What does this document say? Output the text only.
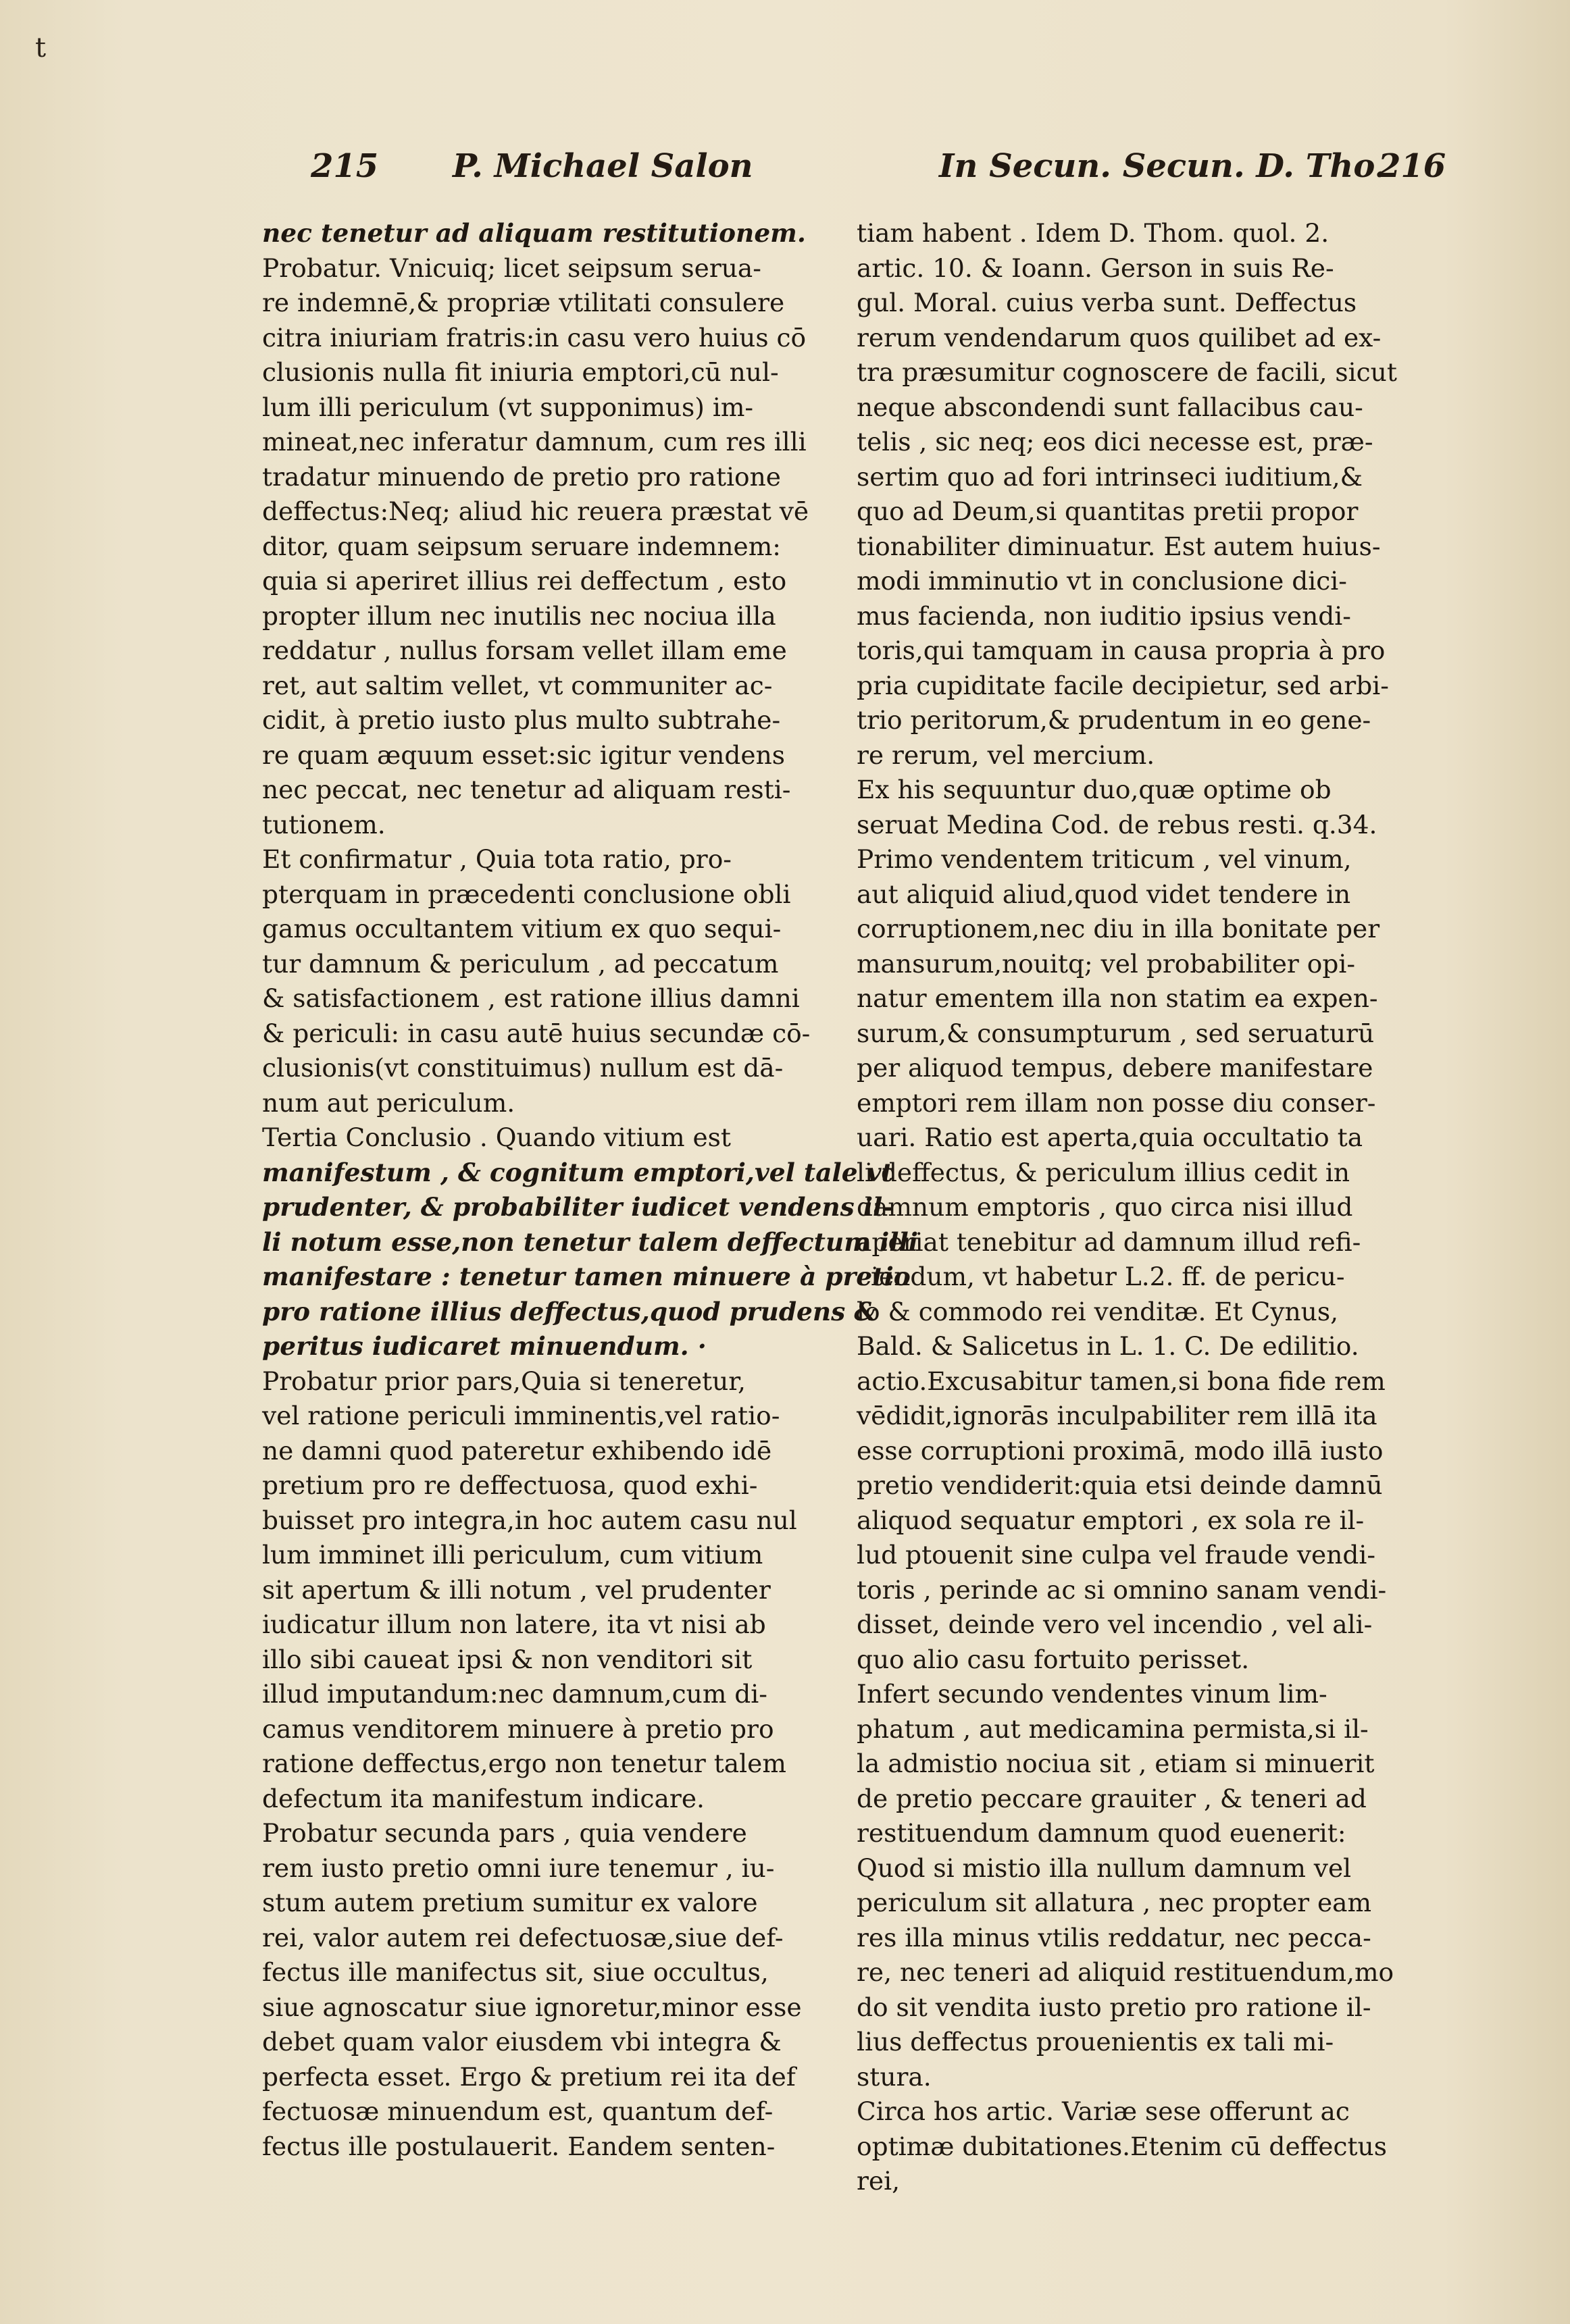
t
215 P. Michael Salon	In Secun. Secun. D. Tho.
216
nec tenetur ad aliquam restitutionem.
Probatur. Vnicuiq; licet seipsum serua-
re indemnē,& propriæ vtilitati consulere
citra iniuriam fratris:in casu vero huius cō
clusionis nulla fit iniuria emptori,cū nul-
lum illi periculum (vt supponimus) im-
mineat,nec inferatur damnum, cum res illi
tradatur minuendo de pretio pro ratione
deffectus:Neq; aliud hic reuera præstat vē
ditor, quam seipsum seruare indemnem:
quia si aperiret illius rei deffectum , esto
propter illum nec inutilis nec nociua illa
reddatur , nullus forsam vellet illam eme
ret, aut saltim vellet, vt communiter ac-
cidit, à pretio iusto plus multo subtrahe-
re quam æquum esset:sic igitur vendens
nec peccat, nec tenetur ad aliquam resti-
tutionem.
Et confirmatur , Quia tota ratio, pro-
pterquam in præcedenti conclusione obli
gamus occultantem vitium ex quo sequi-
tur damnum & periculum , ad peccatum
& satisfactionem , est ratione illius damni
& periculi: in casu autē huius secundæ cō-
clusionis(vt constituimus) nullum est dā-
num aut periculum.
Tertia Conclusio . Quando vitium est
manifestum , & cognitum emptori,vel tale vt
prudenter, & probabiliter iudicet vendens il-
li notum esse,non tenetur talem deffectum illi
manifestare : tenetur tamen minuere à pretio
pro ratione illius deffectus,quod prudens &
peritus iudicaret minuendum. ·
Probatur prior pars,Quia si teneretur,
vel ratione periculi imminentis,vel ratio-
ne damni quod pateretur exhibendo idē
pretium pro re deffectuosa, quod exhi-
buisset pro integra,in hoc autem casu nul
lum imminet illi periculum, cum vitium
sit apertum & illi notum , vel prudenter
iudicatur illum non latere, ita vt nisi ab
illo sibi caueat ipsi & non venditori sit
illud imputandum:nec damnum,cum di-
camus venditorem minuere à pretio pro
ratione deffectus,ergo non tenetur talem
defectum ita manifestum indicare.
Probatur secunda pars , quia vendere
rem iusto pretio omni iure tenemur , iu-
stum autem pretium sumitur ex valore
rei, valor autem rei defectuosæ,siue def-
fectus ille manifectus sit, siue occultus,
siue agnoscatur siue ignoretur,minor esse
debet quam valor eiusdem vbi integra &
perfecta esset. Ergo & pretium rei ita def
fectuosæ minuendum est, quantum def-
fectus ille postulauerit. Eandem senten-
tiam habent . Idem D. Thom. quol. 2.
artic. 10. & Ioann. Gerson in suis Re-
gul. Moral. cuius verba sunt. Deffectus
rerum vendendarum quos quilibet ad ex-
tra præsumitur cognoscere de facili, sicut
neque abscondendi sunt fallacibus cau-
telis , sic neq; eos dici necesse est, præ-
sertim quo ad fori intrinseci iuditium,&
quo ad Deum,si quantitas pretii propor
tionabiliter diminuatur. Est autem huius-
modi imminutio vt in conclusione dici-
mus facienda, non iuditio ipsius vendi-
toris,qui tamquam in causa propria à pro
pria cupiditate facile decipietur, sed arbi-
trio peritorum,& prudentum in eo gene-
re rerum, vel mercium.
Ex his sequuntur duo,quæ optime ob
seruat Medina Cod. de rebus resti. q.34.
Primo vendentem triticum , vel vinum,
aut aliquid aliud,quod videt tendere in
corruptionem,nec diu in illa bonitate per
mansurum,nouitq; vel probabiliter opi-
natur ementem illa non statim ea expen-
surum,& consumpturum , sed seruaturū
per aliquod tempus, debere manifestare
emptori rem illam non posse diu conser-
uari. Ratio est aperta,quia occultatio ta
li deffectus, & periculum illius cedit in
damnum emptoris , quo circa nisi illud
aperiat tenebitur ad damnum illud refi-
ciendum, vt habetur L.2. ff. de pericu-
lo & commodo rei venditæ. Et Cynus,
Bald. & Salicetus in L. 1. C. De edilitio.
actio.Excusabitur tamen,si bona fide rem
vēdidit,ignorās inculpabiliter rem illā ita
esse corruptioni proximā, modo illā iusto
pretio vendiderit:quia etsi deinde damnū
aliquod sequatur emptori , ex sola re il-
lud ptouenit sine culpa vel fraude vendi-
toris , perinde ac si omnino sanam vendi-
disset, deinde vero vel incendio , vel ali-
quo alio casu fortuito perisset.
Infert secundo vendentes vinum lim-
phatum , aut medicamina permista,si il-
la admistio nociua sit , etiam si minuerit
de pretio peccare grauiter , & teneri ad
restituendum damnum quod euenerit:
Quod si mistio illa nullum damnum vel
periculum sit allatura , nec propter eam
res illa minus vtilis reddatur, nec pecca-
re, nec teneri ad aliquid restituendum,mo
do sit vendita iusto pretio pro ratione il-
lius deffectus prouenientis ex tali mi-
stura.
Circa hos artic. Variæ sese offerunt ac
optimæ dubitationes.Etenim cū deffectus
rei,
